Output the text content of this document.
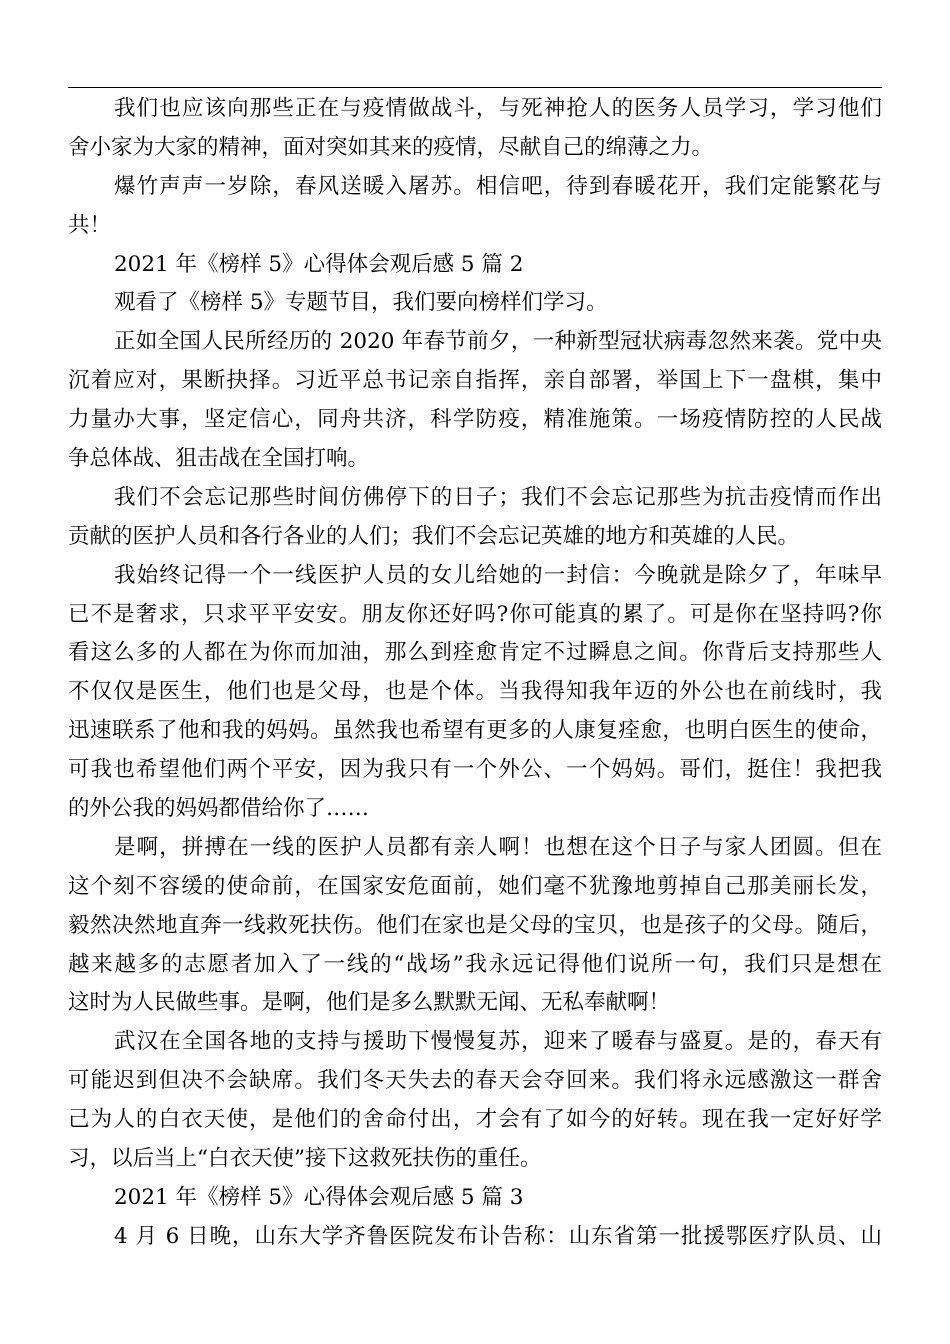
我们也应该向那些正在与疫情做战斗，与死神抢人的医务人员学习，学习他们
舍小家为大家的精神，面对突如其来的疫情，尽献自己的绵薄之力。
爆竹声声一岁除，春风送暖入屠苏。相信吧，待到春暖花开，我们定能繁花与
共！
2021 年《榜样 5》心得体会观后感 5 篇 2
观看了《榜样 5》专题节目，我们要向榜样们学习。
正如全国人民所经历的 2020 年春节前夕，一种新型冠状病毒忽然来袭。党中央
沉着应对，果断抉择。习近平总书记亲自指挥，亲自部署，举国上下一盘棋，集中
力量办大事，坚定信心，同舟共济，科学防疫，精准施策。一场疫情防控的人民战
争总体战、狙击战在全国打响。
我们不会忘记那些时间仿佛停下的日子；我们不会忘记那些为抗击疫情而作出
贡献的医护人员和各行各业的人们；我们不会忘记英雄的地方和英雄的人民。
我始终记得一个一线医护人员的女儿给她的一封信：今晚就是除夕了，年味早
已不是奢求，只求平平安安。朋友你还好吗?你可能真的累了。可是你在坚持吗?你
看这么多的人都在为你而加油，那么到痊愈肯定不过瞬息之间。你背后支持那些人
不仅仅是医生，他们也是父母，也是个体。当我得知我年迈的外公也在前线时，我
迅速联系了他和我的妈妈。虽然我也希望有更多的人康复痊愈，也明白医生的使命，
可我也希望他们两个平安，因为我只有一个外公、一个妈妈。哥们，挺住！我把我
的外公我的妈妈都借给你了……
是啊，拼搏在一线的医护人员都有亲人啊！也想在这个日子与家人团圆。但在
这个刻不容缓的使命前，在国家安危面前，她们毫不犹豫地剪掉自己那美丽长发，
毅然决然地直奔一线救死扶伤。他们在家也是父母的宝贝，也是孩子的父母。随后，
越来越多的志愿者加入了一线的“战场”我永远记得他们说所一句，我们只是想在
这时为人民做些事。是啊，他们是多么默默无闻、无私奉献啊！
武汉在全国各地的支持与援助下慢慢复苏，迎来了暖春与盛夏。是的，春天有
可能迟到但决不会缺席。我们冬天失去的春天会夺回来。我们将永远感激这一群舍
己为人的白衣天使，是他们的舍命付出，才会有了如今的好转。现在我一定好好学
习，以后当上“白衣天使”接下这救死扶伤的重任。
2021 年《榜样 5》心得体会观后感 5 篇 3
4 月 6 日晚，山东大学齐鲁医院发布讣告称：山东省第一批援鄂医疗队员、山
